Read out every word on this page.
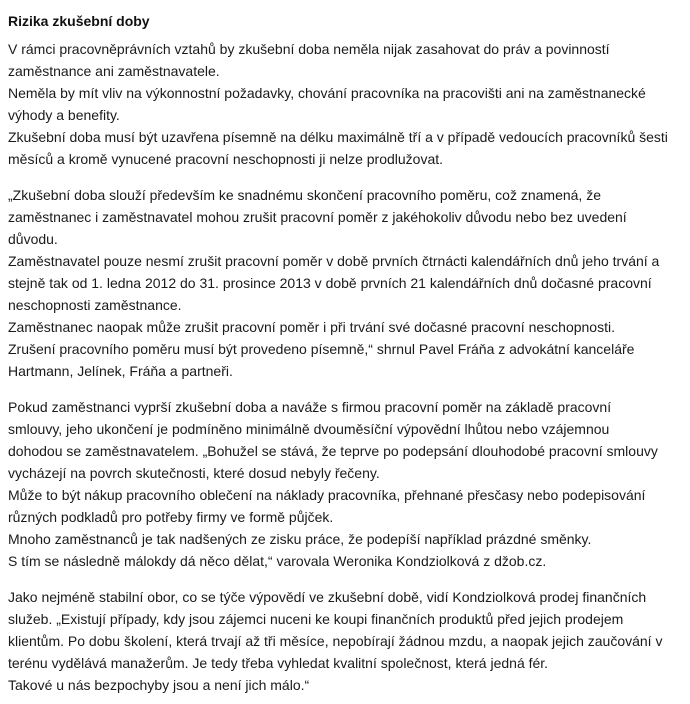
Rizika zkušební doby
V rámci pracovněprávních vztahů by zkušební doba neměla nijak zasahovat do práv a povinností
zaměstnance ani zaměstnavatele.
Neměla by mít vliv na výkonnostní požadavky, chování pracovníka na pracovišti ani na zaměstnanecké
výhody a benefity.
Zkušební doba musí být uzavřena písemně na délku maximálně tří a v případě vedoucích pracovníků šesti
měsíců a kromě vynucené pracovní neschopnosti ji nelze prodlužovat.
„Zkušební doba slouží především ke snadnému skončení pracovního poměru, což znamená, že
zaměstnanec i zaměstnavatel mohou zrušit pracovní poměr z jakéhokoliv důvodu nebo bez uvedení
důvodu.
Zaměstnavatel pouze nesmí zrušit pracovní poměr v době prvních čtrnácti kalendářních dnů jeho trvání a
stejně tak od 1. ledna 2012 do 31. prosince 2013 v době prvních 21 kalendářních dnů dočasné pracovní
neschopnosti zaměstnance.
Zaměstnanec naopak může zrušit pracovní poměr i při trvání své dočasné pracovní neschopnosti.
Zrušení pracovního poměru musí být provedeno písemně,“ shrnul Pavel Fráňa z advokátní kanceláře
Hartmann, Jelínek, Fráňa a partneři.
Pokud zaměstnanci vyprší zkušební doba a naváže s firmou pracovní poměr na základě pracovní
smlouvy, jeho ukončení je podmíněno minimálně dvouměsíční výpovědní lhůtou nebo vzájemnou
dohodou se zaměstnavatelem. „Bohužel se stává, že teprve po podepsání dlouhodobé pracovní smlouvy
vycházejí na povrch skutečnosti, které dosud nebyly řečeny.
Může to být nákup pracovního oblečení na náklady pracovníka, přehnané přesčasy nebo podepisování
různých podkladů pro potřeby firmy ve formě půjček.
Mnoho zaměstnanců je tak nadšených ze zisku práce, že podepíší například prázdné směnky.
S tím se následně málokdy dá něco dělat,“ varovala Weronika Kondziolková z džob.cz.
Jako nejméně stabilní obor, co se týče výpovědí ve zkušební době, vidí Kondziolková prodej finančních
služeb. „Existují případy, kdy jsou zájemci nuceni ke koupi finančních produktů před jejich prodejem
klientům. Po dobu školení, která trvají až tři měsíce, nepobírají žádnou mzdu, a naopak jejich zaučování v
terénu vydělává manažerům. Je tedy třeba vyhledat kvalitní společnost, která jedná fér.
Takové u nás bezpochyby jsou a není jich málo.“
